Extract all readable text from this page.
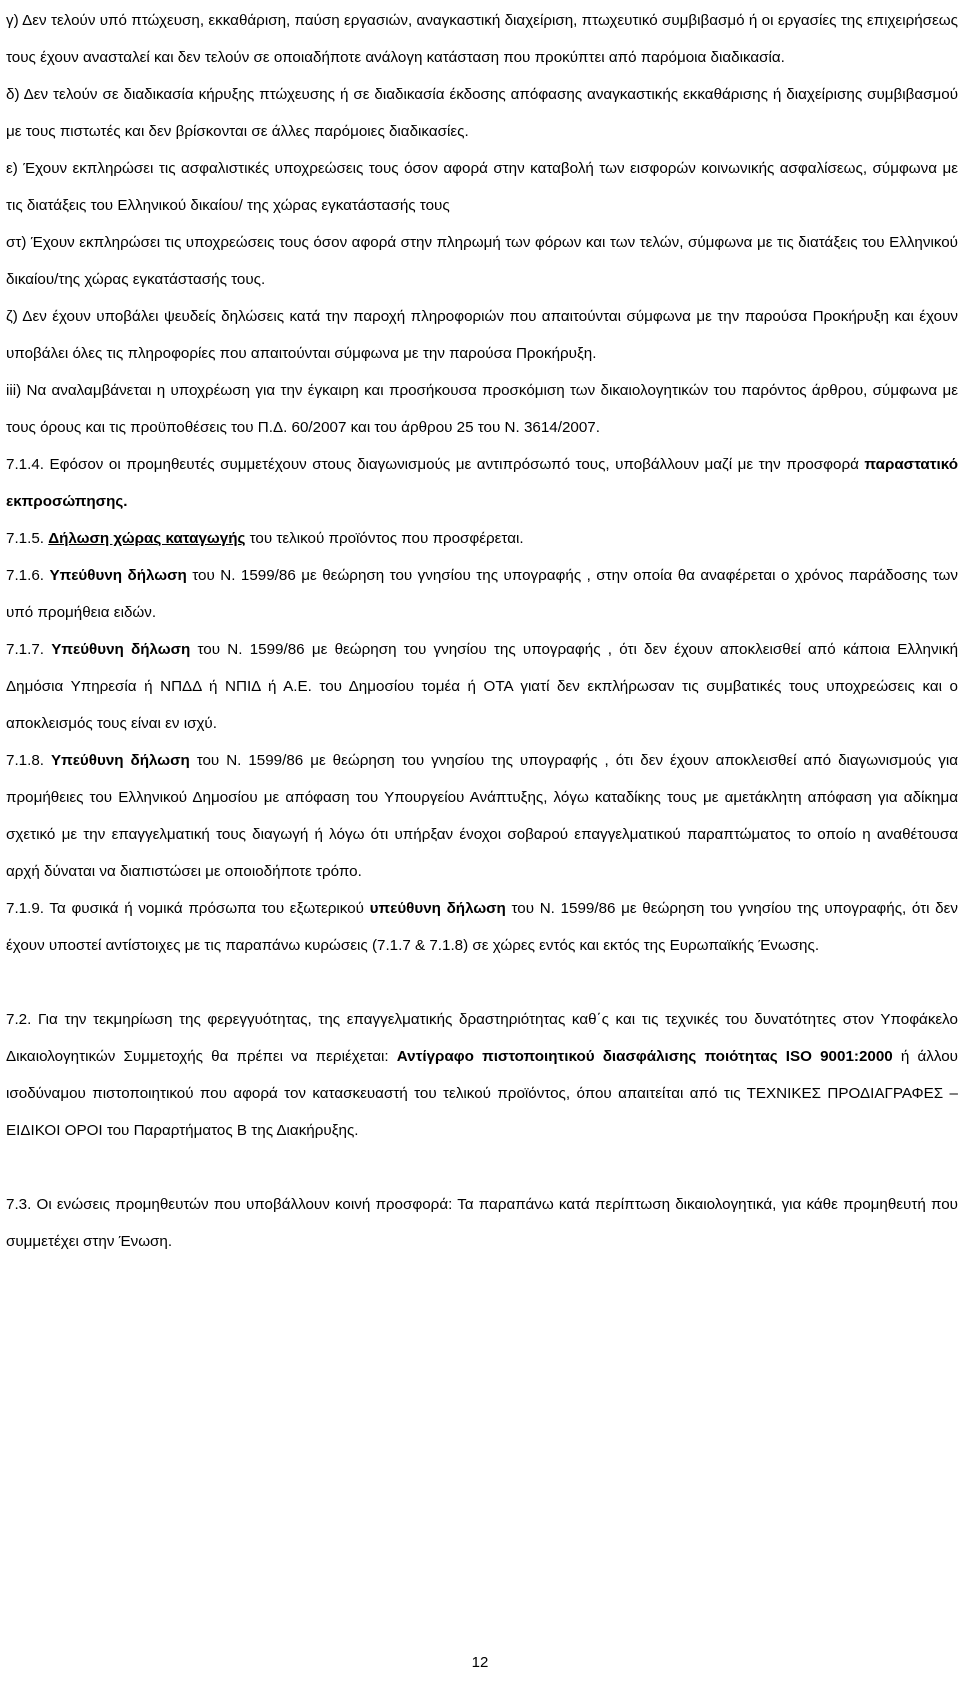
γ) Δεν τελούν υπό πτώχευση, εκκαθάριση, παύση εργασιών, αναγκαστική διαχείριση, πτωχευτικό συμβιβασμό ή οι εργασίες της επιχειρήσεως τους έχουν ανασταλεί και δεν τελούν σε οποιαδήποτε ανάλογη κατάσταση που προκύπτει από παρόμοια διαδικασία.

δ) Δεν τελούν σε διαδικασία κήρυξης πτώχευσης ή σε διαδικασία έκδοσης απόφασης αναγκαστικής εκκαθάρισης ή διαχείρισης συμβιβασμού με τους πιστωτές και δεν βρίσκονται σε άλλες παρόμοιες διαδικασίες.

ε) Έχουν εκπληρώσει τις ασφαλιστικές υποχρεώσεις τους όσον αφορά στην καταβολή των εισφορών κοινωνικής ασφαλίσεως, σύμφωνα με τις διατάξεις του Ελληνικού δικαίου/ της χώρας εγκατάστασής τους

στ) Έχουν εκπληρώσει τις υποχρεώσεις τους όσον αφορά στην πληρωμή των φόρων και των τελών, σύμφωνα με τις διατάξεις του Ελληνικού δικαίου/της χώρας εγκατάστασής τους.

ζ) Δεν έχουν υποβάλει ψευδείς δηλώσεις κατά την παροχή πληροφοριών που απαιτούνται σύμφωνα με την παρούσα Προκήρυξη και έχουν υποβάλει όλες τις πληροφορίες που απαιτούνται σύμφωνα με την παρούσα Προκήρυξη.

iii) Να αναλαμβάνεται η υποχρέωση για την έγκαιρη και προσήκουσα προσκόμιση των δικαιολογητικών του παρόντος άρθρου, σύμφωνα με τους όρους και τις προϋποθέσεις του Π.Δ. 60/2007 και του άρθρου 25 του Ν. 3614/2007.

7.1.4. Εφόσον οι προμηθευτές συμμετέχουν στους διαγωνισμούς με αντιπρόσωπό τους, υποβάλλουν μαζί με την προσφορά παραστατικό εκπροσώπησης.

7.1.5. Δήλωση χώρας καταγωγής του τελικού προϊόντος που προσφέρεται.

7.1.6. Υπεύθυνη δήλωση του Ν. 1599/86 με θεώρηση του γνησίου της υπογραφής , στην οποία θα αναφέρεται ο χρόνος παράδοσης των υπό προμήθεια ειδών.

7.1.7. Υπεύθυνη δήλωση του Ν. 1599/86 με θεώρηση του γνησίου της υπογραφής , ότι δεν έχουν αποκλεισθεί από κάποια Ελληνική Δημόσια Υπηρεσία ή ΝΠΔΔ ή ΝΠΙΔ ή Α.Ε. του Δημοσίου τομέα ή ΟΤΑ γιατί δεν εκπλήρωσαν τις συμβατικές τους υποχρεώσεις και ο αποκλεισμός τους είναι εν ισχύ.

7.1.8. Υπεύθυνη δήλωση του Ν. 1599/86 με θεώρηση του γνησίου της υπογραφής , ότι δεν έχουν αποκλεισθεί από διαγωνισμούς για προμήθειες του Ελληνικού Δημοσίου με απόφαση του Υπουργείου Ανάπτυξης, λόγω καταδίκης τους με αμετάκλητη απόφαση για αδίκημα σχετικό με την επαγγελματική τους διαγωγή ή λόγω ότι υπήρξαν ένοχοι σοβαρού επαγγελματικού παραπτώματος το οποίο η αναθέτουσα αρχή δύναται να διαπιστώσει με οποιοδήποτε τρόπο.

7.1.9. Τα φυσικά ή νομικά πρόσωπα του εξωτερικού υπεύθυνη δήλωση του Ν. 1599/86 με θεώρηση του γνησίου της υπογραφής, ότι δεν έχουν υποστεί αντίστοιχες με τις παραπάνω κυρώσεις (7.1.7 & 7.1.8) σε χώρες εντός και εκτός της Ευρωπαϊκής Ένωσης.

7.2. Για την τεκμηρίωση της φερεγγυότητας, της επαγγελματικής δραστηριότητας καθ΄ς και τις τεχνικές του δυνατότητες στον Υποφάκελο Δικαιολογητικών Συμμετοχής θα πρέπει να περιέχεται: Αντίγραφο πιστοποιητικού διασφάλισης ποιότητας ISO 9001:2000 ή άλλου ισοδύναμου πιστοποιητικού που αφορά τον κατασκευαστή του τελικού προϊόντος, όπου απαιτείται από τις ΤΕΧΝΙΚΕΣ ΠΡΟΔΙΑΓΡΑΦΕΣ – ΕΙΔΙΚΟΙ ΟΡΟΙ του Παραρτήματος Β της Διακήρυξης.

7.3. Οι ενώσεις προμηθευτών που υποβάλλουν κοινή προσφορά: Τα παραπάνω κατά περίπτωση δικαιολογητικά, για κάθε προμηθευτή που συμμετέχει στην Ένωση.

12
